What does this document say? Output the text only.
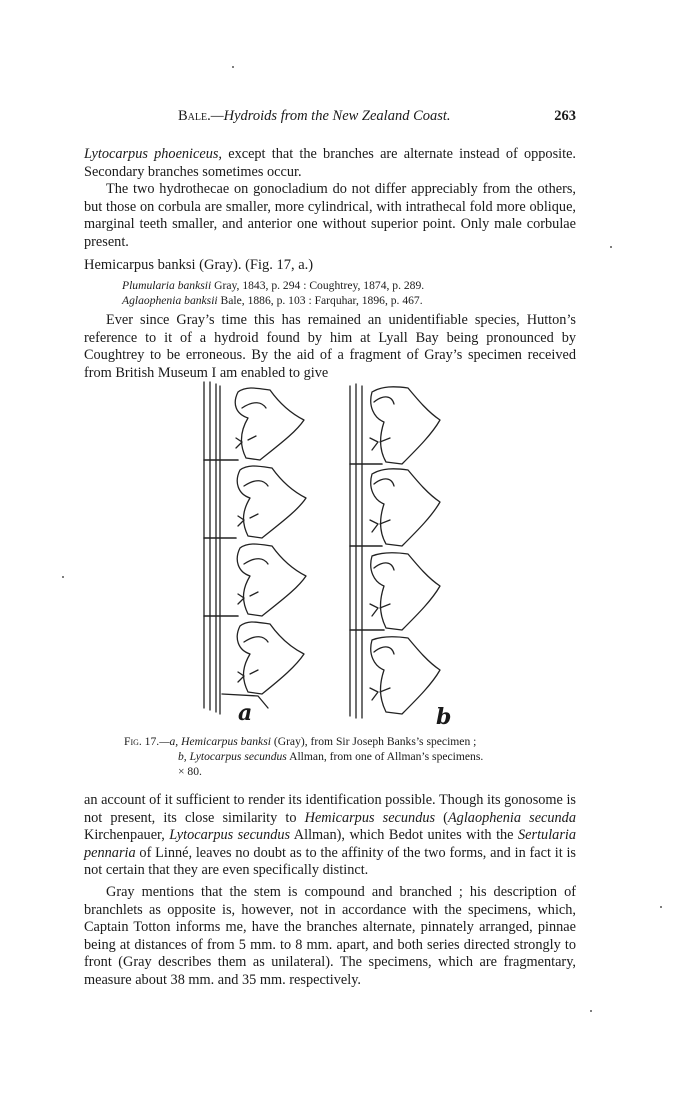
Bale.—Hydroids from the New Zealand Coast.	263

Lytocarpus phoeniceus, except that the branches are alternate instead of opposite. Secondary branches sometimes occur.

The two hydrothecae on gonocladium do not differ appreciably from the others, but those on corbula are smaller, more cylindrical, with intrathecal fold more oblique, marginal teeth smaller, and anterior one without superior point. Only male corbulae present.

Hemicarpus banksi (Gray). (Fig. 17, a.)
Plumularia banksii Gray, 1843, p. 294 : Coughtrey, 1874, p. 289.
Aglaophenia banksii Bale, 1886, p. 103 : Farquhar, 1896, p. 467.

Ever since Gray’s time this has remained an unidentifiable species, Hutton’s reference to it of a hydroid found by him at Lyall Bay being pronounced by Coughtrey to be erroneous. By the aid of a fragment of Gray’s specimen received from British Museum I am enabled to give

a	b
Fig. 17.—a, Hemicarpus banksi (Gray), from Sir Joseph Banks’s specimen ;
b, Lytocarpus secundus Allman, from one of Allman’s specimens.
× 80.

an account of it sufficient to render its identification possible. Though its gonosome is not present, its close similarity to Hemicarpus secundus (Aglaophenia secunda Kirchenpauer, Lytocarpus secundus Allman), which Bedot unites with the Sertularia pennaria of Linné, leaves no doubt as to the affinity of the two forms, and in fact it is not certain that they are even specifically distinct.

Gray mentions that the stem is compound and branched ; his description of branchlets as opposite is, however, not in accordance with the specimens, which, Captain Totton informs me, have the branches alternate, pinnately arranged, pinnae being at distances of from 5 mm. to 8 mm. apart, and both series directed strongly to front (Gray describes them as unilateral). The specimens, which are fragmentary, measure about 38 mm. and 35 mm. respectively.
